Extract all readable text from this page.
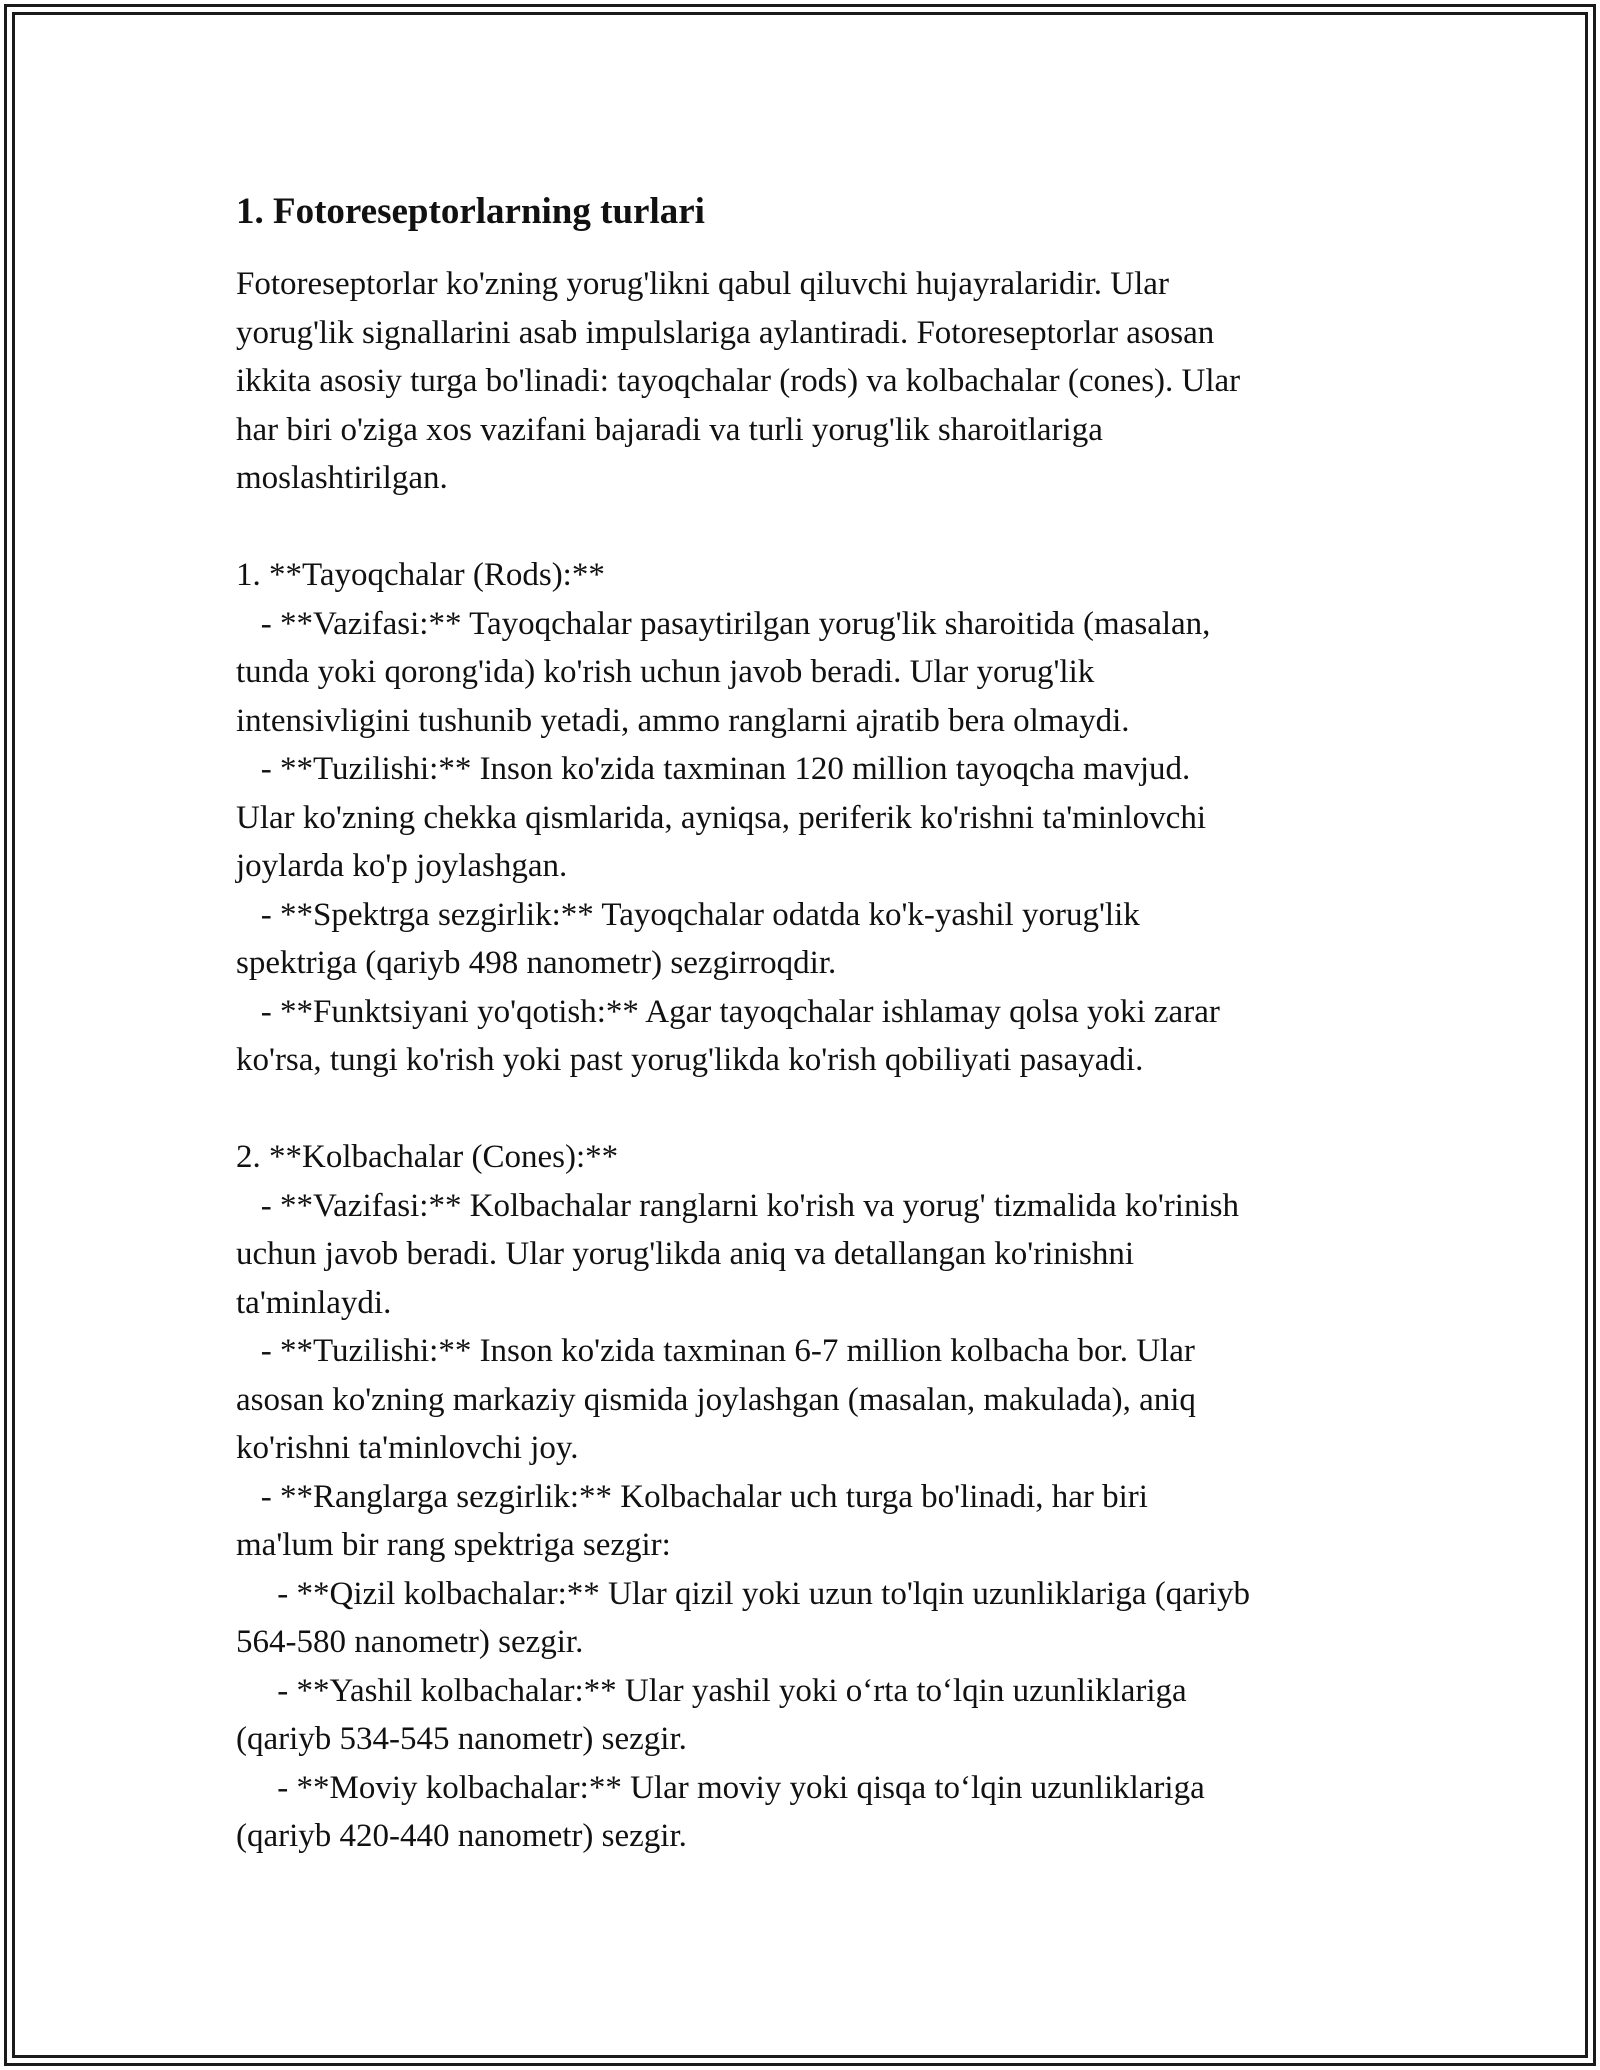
1. Fotoreseptorlarning turlari

Fotoreseptorlar ko'zning yorug'likni qabul qiluvchi hujayralaridir. Ular

yorug'lik signallarini asab impulslariga aylantiradi. Fotoreseptorlar asosan

ikkita asosiy turga bo'linadi: tayoqchalar (rods) va kolbachalar (cones). Ular

har biri o'ziga xos vazifani bajaradi va turli yorug'lik sharoitlariga

moslashtirilgan.

1. **Tayoqchalar (Rods):**

- **Vazifasi:** Tayoqchalar pasaytirilgan yorug'lik sharoitida (masalan,

tunda yoki qorong'ida) ko'rish uchun javob beradi. Ular yorug'lik

intensivligini tushunib yetadi, ammo ranglarni ajratib bera olmaydi.

- **Tuzilishi:** Inson ko'zida taxminan 120 million tayoqcha mavjud.

Ular ko'zning chekka qismlarida, ayniqsa, periferik ko'rishni ta'minlovchi

joylarda ko'p joylashgan.

- **Spektrga sezgirlik:** Tayoqchalar odatda ko'k-yashil yorug'lik

spektriga (qariyb 498 nanometr) sezgirroqdir.

- **Funktsiyani yo'qotish:** Agar tayoqchalar ishlamay qolsa yoki zarar

ko'rsa, tungi ko'rish yoki past yorug'likda ko'rish qobiliyati pasayadi.

2. **Kolbachalar (Cones):**

- **Vazifasi:** Kolbachalar ranglarni ko'rish va yorug' tizmalida ko'rinish

uchun javob beradi. Ular yorug'likda aniq va detallangan ko'rinishni

ta'minlaydi.

- **Tuzilishi:** Inson ko'zida taxminan 6-7 million kolbacha bor. Ular

asosan ko'zning markaziy qismida joylashgan (masalan, makulada), aniq

ko'rishni ta'minlovchi joy.

- **Ranglarga sezgirlik:** Kolbachalar uch turga bo'linadi, har biri

ma'lum bir rang spektriga sezgir:

- **Qizil kolbachalar:** Ular qizil yoki uzun to'lqin uzunliklariga (qariyb

564-580 nanometr) sezgir.

- **Yashil kolbachalar:** Ular yashil yoki o‘rta to‘lqin uzunliklariga

(qariyb 534-545 nanometr) sezgir.

- **Moviy kolbachalar:** Ular moviy yoki qisqa to‘lqin uzunliklariga

(qariyb 420-440 nanometr) sezgir.
